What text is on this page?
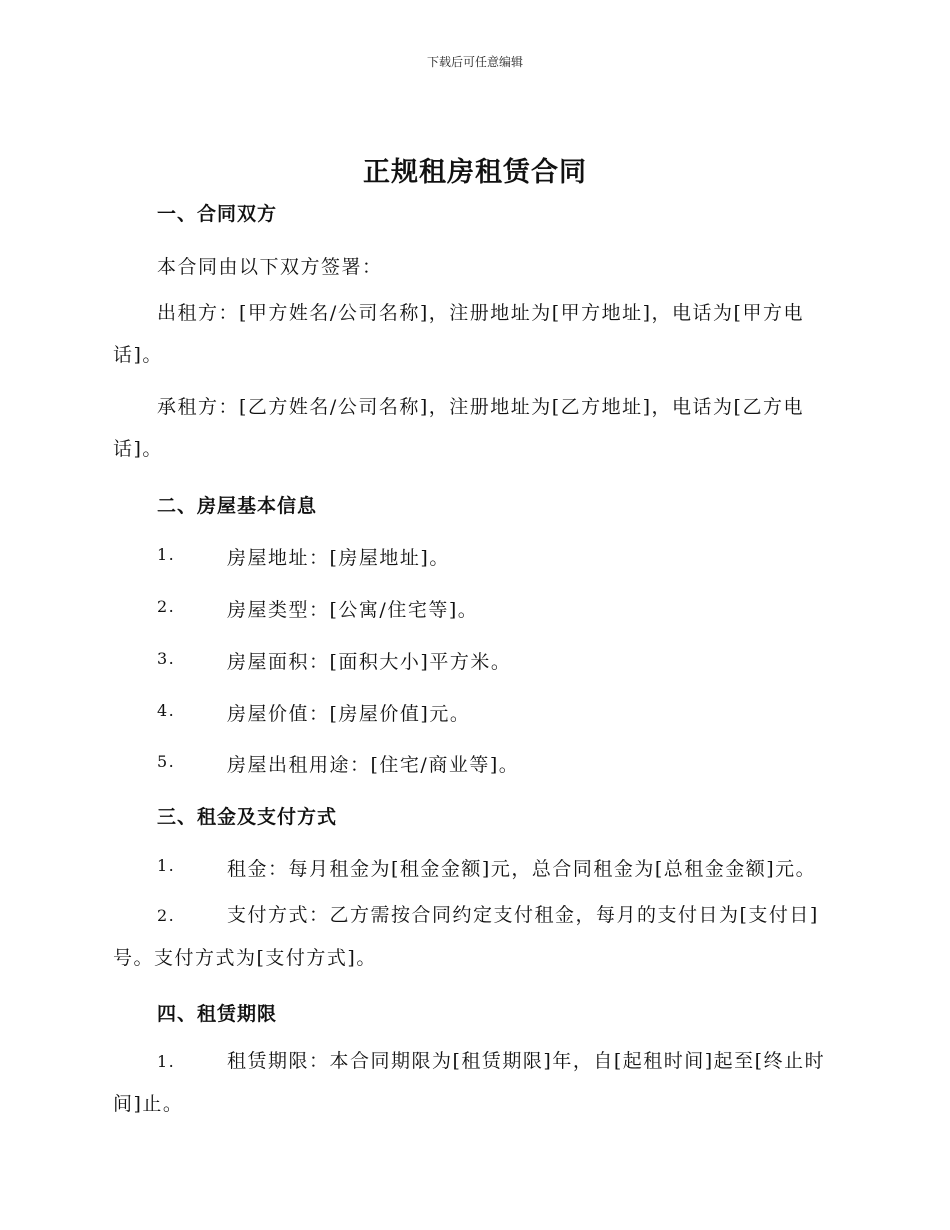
下载后可任意编辑
正规租房租赁合同
一、合同双方
本合同由以下双方签署：
出租方：[甲方姓名/公司名称]，注册地址为[甲方地址]，电话为[甲方电话]。
承租方：[乙方姓名/公司名称]，注册地址为[乙方地址]，电话为[乙方电话]。
二、房屋基本信息
1.	房屋地址：[房屋地址]。
2.	房屋类型：[公寓/住宅等]。
3.	房屋面积：[面积大小]平方米。
4.	房屋价值：[房屋价值]元。
5.	房屋出租用途：[住宅/商业等]。
三、租金及支付方式
1.	租金：每月租金为[租金金额]元，总合同租金为[总租金金额]元。
2.	支付方式：乙方需按合同约定支付租金，每月的支付日为[支付日]号。支付方式为[支付方式]。
四、租赁期限
1.	租赁期限：本合同期限为[租赁期限]年，自[起租时间]起至[终止时间]止。
